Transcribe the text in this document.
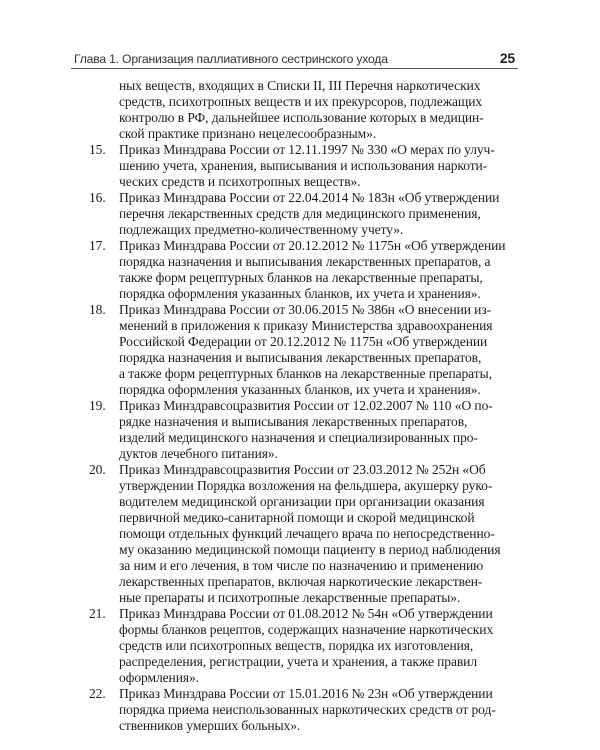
Глава 1. Организация паллиативного сестринского ухода	25
ных веществ, входящих в Списки II, III Перечня наркотических
средств, психотропных веществ и их прекурсоров, подлежащих
контролю в РФ, дальнейшее использование которых в медицин-
ской практике признано нецелесообразным».
15. Приказ Минздрава России от 12.11.1997 № 330 «О мерах по улуч-
шению учета, хранения, выписывания и использования наркоти-
ческих средств и психотропных веществ».
16. Приказ Минздрава России от 22.04.2014 № 183н «Об утверждении
перечня лекарственных средств для медицинского применения,
подлежащих предметно-количественному учету».
17. Приказ Минздрава России от 20.12.2012 № 1175н «Об утверждении
порядка назначения и выписывания лекарственных препаратов, а
также форм рецептурных бланков на лекарственные препараты,
порядка оформления указанных бланков, их учета и хранения».
18. Приказ Минздрава России от 30.06.2015 № 386н «О внесении из-
менений в приложения к приказу Министерства здравоохранения
Российской Федерации от 20.12.2012 № 1175н «Об утверждении
порядка назначения и выписывания лекарственных препаратов,
а также форм рецептурных бланков на лекарственные препараты,
порядка оформления указанных бланков, их учета и хранения».
19. Приказ Минздравсоцразвития России от 12.02.2007 № 110 «О по-
рядке назначения и выписывания лекарственных препаратов,
изделий медицинского назначения и специализированных про-
дуктов лечебного питания».
20. Приказ Минздравсоцразвития России от 23.03.2012 № 252н «Об
утверждении Порядка возложения на фельдшера, акушерку руко-
водителем медицинской организации при организации оказания
первичной медико-санитарной помощи и скорой медицинской
помощи отдельных функций лечащего врача по непосредственно-
му оказанию медицинской помощи пациенту в период наблюдения
за ним и его лечения, в том числе по назначению и применению
лекарственных препаратов, включая наркотические лекарствен-
ные препараты и психотропные лекарственные препараты».
21. Приказ Минздрава России от 01.08.2012 № 54н «Об утверждении
формы бланков рецептов, содержащих назначение наркотических
средств или психотропных веществ, порядка их изготовления,
распределения, регистрации, учета и хранения, а также правил
оформления».
22. Приказ Минздрава России от 15.01.2016 № 23н «Об утверждении
порядка приема неиспользованных наркотических средств от род-
ственников умерших больных».
